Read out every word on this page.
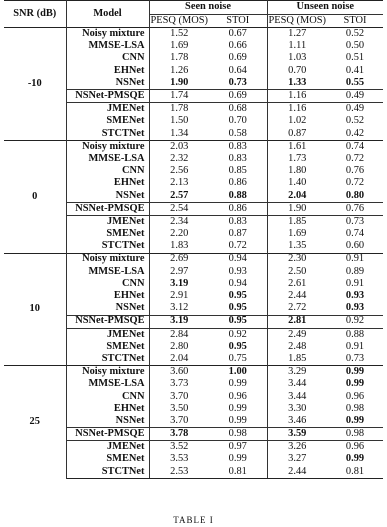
SNR (dB)	Model	Seen noise		Unseen noise	
		PESQ (MOS)	STOI	PESQ (MOS)	STOI
-10	Noisy mixture	1.52	0.67	1.27	0.52
	MMSE-LSA	1.69	0.66	1.11	0.50
	CNN	1.78	0.69	1.03	0.51
	EHNet	1.26	0.64	0.70	0.41
	NSNet	1.90	0.73	1.33	0.55
	NSNet-PMSQE	1.74	0.69	1.16	0.49
	JMENet	1.78	0.68	1.16	0.49
	SMENet	1.50	0.70	1.02	0.52
	STCTNet	1.34	0.58	0.87	0.42
0	Noisy mixture	2.03	0.83	1.61	0.74
	MMSE-LSA	2.32	0.83	1.73	0.72
	CNN	2.56	0.85	1.80	0.76
	EHNet	2.13	0.86	1.40	0.72
	NSNet	2.57	0.88	2.04	0.80
	NSNet-PMSQE	2.54	0.86	1.90	0.76
	JMENet	2.34	0.83	1.85	0.73
	SMENet	2.20	0.87	1.69	0.74
	STCTNet	1.83	0.72	1.35	0.60
10	Noisy mixture	2.69	0.94	2.30	0.91
	MMSE-LSA	2.97	0.93	2.50	0.89
	CNN	3.19	0.94	2.61	0.91
	EHNet	2.91	0.95	2.44	0.93
	NSNet	3.12	0.95	2.72	0.93
	NSNet-PMSQE	3.19	0.95	2.81	0.92
	JMENet	2.84	0.92	2.49	0.88
	SMENet	2.80	0.95	2.48	0.91
	STCTNet	2.04	0.75	1.85	0.73
25	Noisy mixture	3.60	1.00	3.29	0.99
	MMSE-LSA	3.73	0.99	3.44	0.99
	CNN	3.70	0.96	3.44	0.96
	EHNet	3.50	0.99	3.30	0.98
	NSNet	3.70	0.99	3.46	0.99
	NSNet-PMSQE	3.78	0.98	3.59	0.98
	JMENet	3.52	0.97	3.26	0.96
	SMENet	3.53	0.99	3.27	0.99
	STCTNet	2.53	0.81	2.44	0.81
TABLE I
